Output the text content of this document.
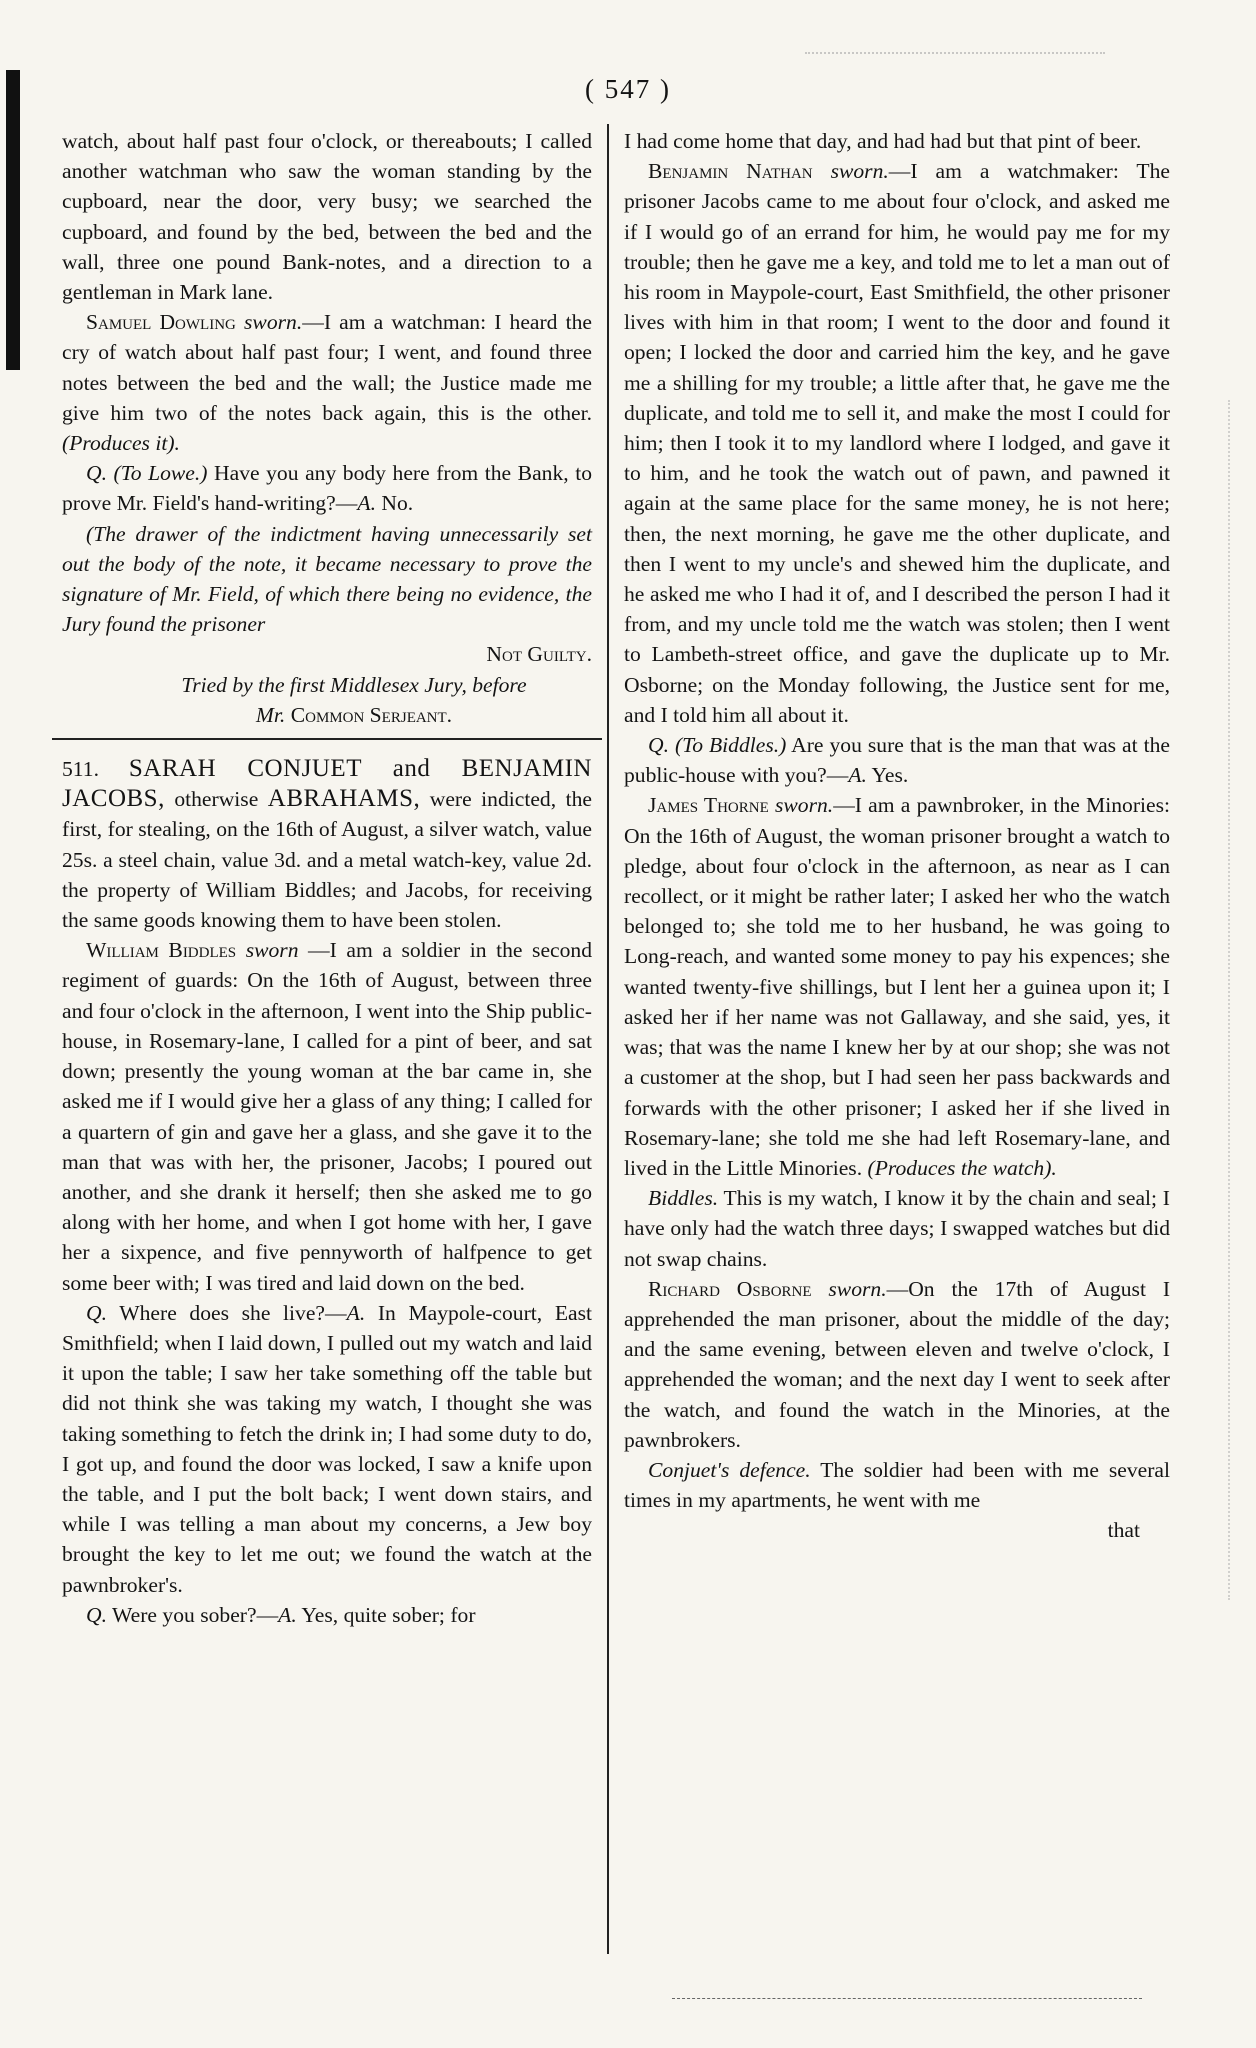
( 547 )

watch, about half past four o'clock, or thereabouts; I called another watchman who saw the woman standing by the cupboard, near the door, very busy; we searched the cupboard, and found by the bed, between the bed and the wall, three one pound Bank-notes, and a direction to a gentleman in Mark lane.

Samuel Dowling sworn.—I am a watchman: I heard the cry of watch about half past four; I went, and found three notes between the bed and the wall; the Justice made me give him two of the notes back again, this is the other. (Produces it).

Q. (To Lowe.) Have you any body here from the Bank, to prove Mr. Field's hand-writing?—A. No.

(The drawer of the indictment having unnecessarily set out the body of the note, it became necessary to prove the signature of Mr. Field, of which there being no evidence, the Jury found the prisoner

Not Guilty.

Tried by the first Middlesex Jury, before

Mr. Common Serjeant.

511. SARAH CONJUET and BENJAMIN JACOBS, otherwise ABRAHAMS, were indicted, the first, for stealing, on the 16th of August, a silver watch, value 25s. a steel chain, value 3d. and a metal watch-key, value 2d. the property of William Biddles; and Jacobs, for receiving the same goods knowing them to have been stolen.

William Biddles sworn —I am a soldier in the second regiment of guards: On the 16th of August, between three and four o'clock in the afternoon, I went into the Ship public-house, in Rosemary-lane, I called for a pint of beer, and sat down; presently the young woman at the bar came in, she asked me if I would give her a glass of any thing; I called for a quartern of gin and gave her a glass, and she gave it to the man that was with her, the prisoner, Jacobs; I poured out another, and she drank it herself; then she asked me to go along with her home, and when I got home with her, I gave her a sixpence, and five pennyworth of halfpence to get some beer with; I was tired and laid down on the bed.

Q. Where does she live?—A. In Maypole-court, East Smithfield; when I laid down, I pulled out my watch and laid it upon the table; I saw her take something off the table but did not think she was taking my watch, I thought she was taking something to fetch the drink in; I had some duty to do, I got up, and found the door was locked, I saw a knife upon the table, and I put the bolt back; I went down stairs, and while I was telling a man about my concerns, a Jew boy brought the key to let me out; we found the watch at the pawnbroker's.

Q. Were you sober?—A. Yes, quite sober; for

I had come home that day, and had had but that pint of beer.

Benjamin Nathan sworn.—I am a watchmaker: The prisoner Jacobs came to me about four o'clock, and asked me if I would go of an errand for him, he would pay me for my trouble; then he gave me a key, and told me to let a man out of his room in Maypole-court, East Smithfield, the other prisoner lives with him in that room; I went to the door and found it open; I locked the door and carried him the key, and he gave me a shilling for my trouble; a little after that, he gave me the duplicate, and told me to sell it, and make the most I could for him; then I took it to my landlord where I lodged, and gave it to him, and he took the watch out of pawn, and pawned it again at the same place for the same money, he is not here; then, the next morning, he gave me the other duplicate, and then I went to my uncle's and shewed him the duplicate, and he asked me who I had it of, and I described the person I had it from, and my uncle told me the watch was stolen; then I went to Lambeth-street office, and gave the duplicate up to Mr. Osborne; on the Monday following, the Justice sent for me, and I told him all about it.

Q. (To Biddles.) Are you sure that is the man that was at the public-house with you?—A. Yes.

James Thorne sworn.—I am a pawnbroker, in the Minories: On the 16th of August, the woman prisoner brought a watch to pledge, about four o'clock in the afternoon, as near as I can recollect, or it might be rather later; I asked her who the watch belonged to; she told me to her husband, he was going to Long-reach, and wanted some money to pay his expences; she wanted twenty-five shillings, but I lent her a guinea upon it; I asked her if her name was not Gallaway, and she said, yes, it was; that was the name I knew her by at our shop; she was not a customer at the shop, but I had seen her pass backwards and forwards with the other prisoner; I asked her if she lived in Rosemary-lane; she told me she had left Rosemary-lane, and lived in the Little Minories. (Produces the watch).

Biddles. This is my watch, I know it by the chain and seal; I have only had the watch three days; I swapped watches but did not swap chains.

Richard Osborne sworn.—On the 17th of August I apprehended the man prisoner, about the middle of the day; and the same evening, between eleven and twelve o'clock, I apprehended the woman; and the next day I went to seek after the watch, and found the watch in the Minories, at the pawnbrokers.

Conjuet's defence. The soldier had been with me several times in my apartments, he went with me

that
